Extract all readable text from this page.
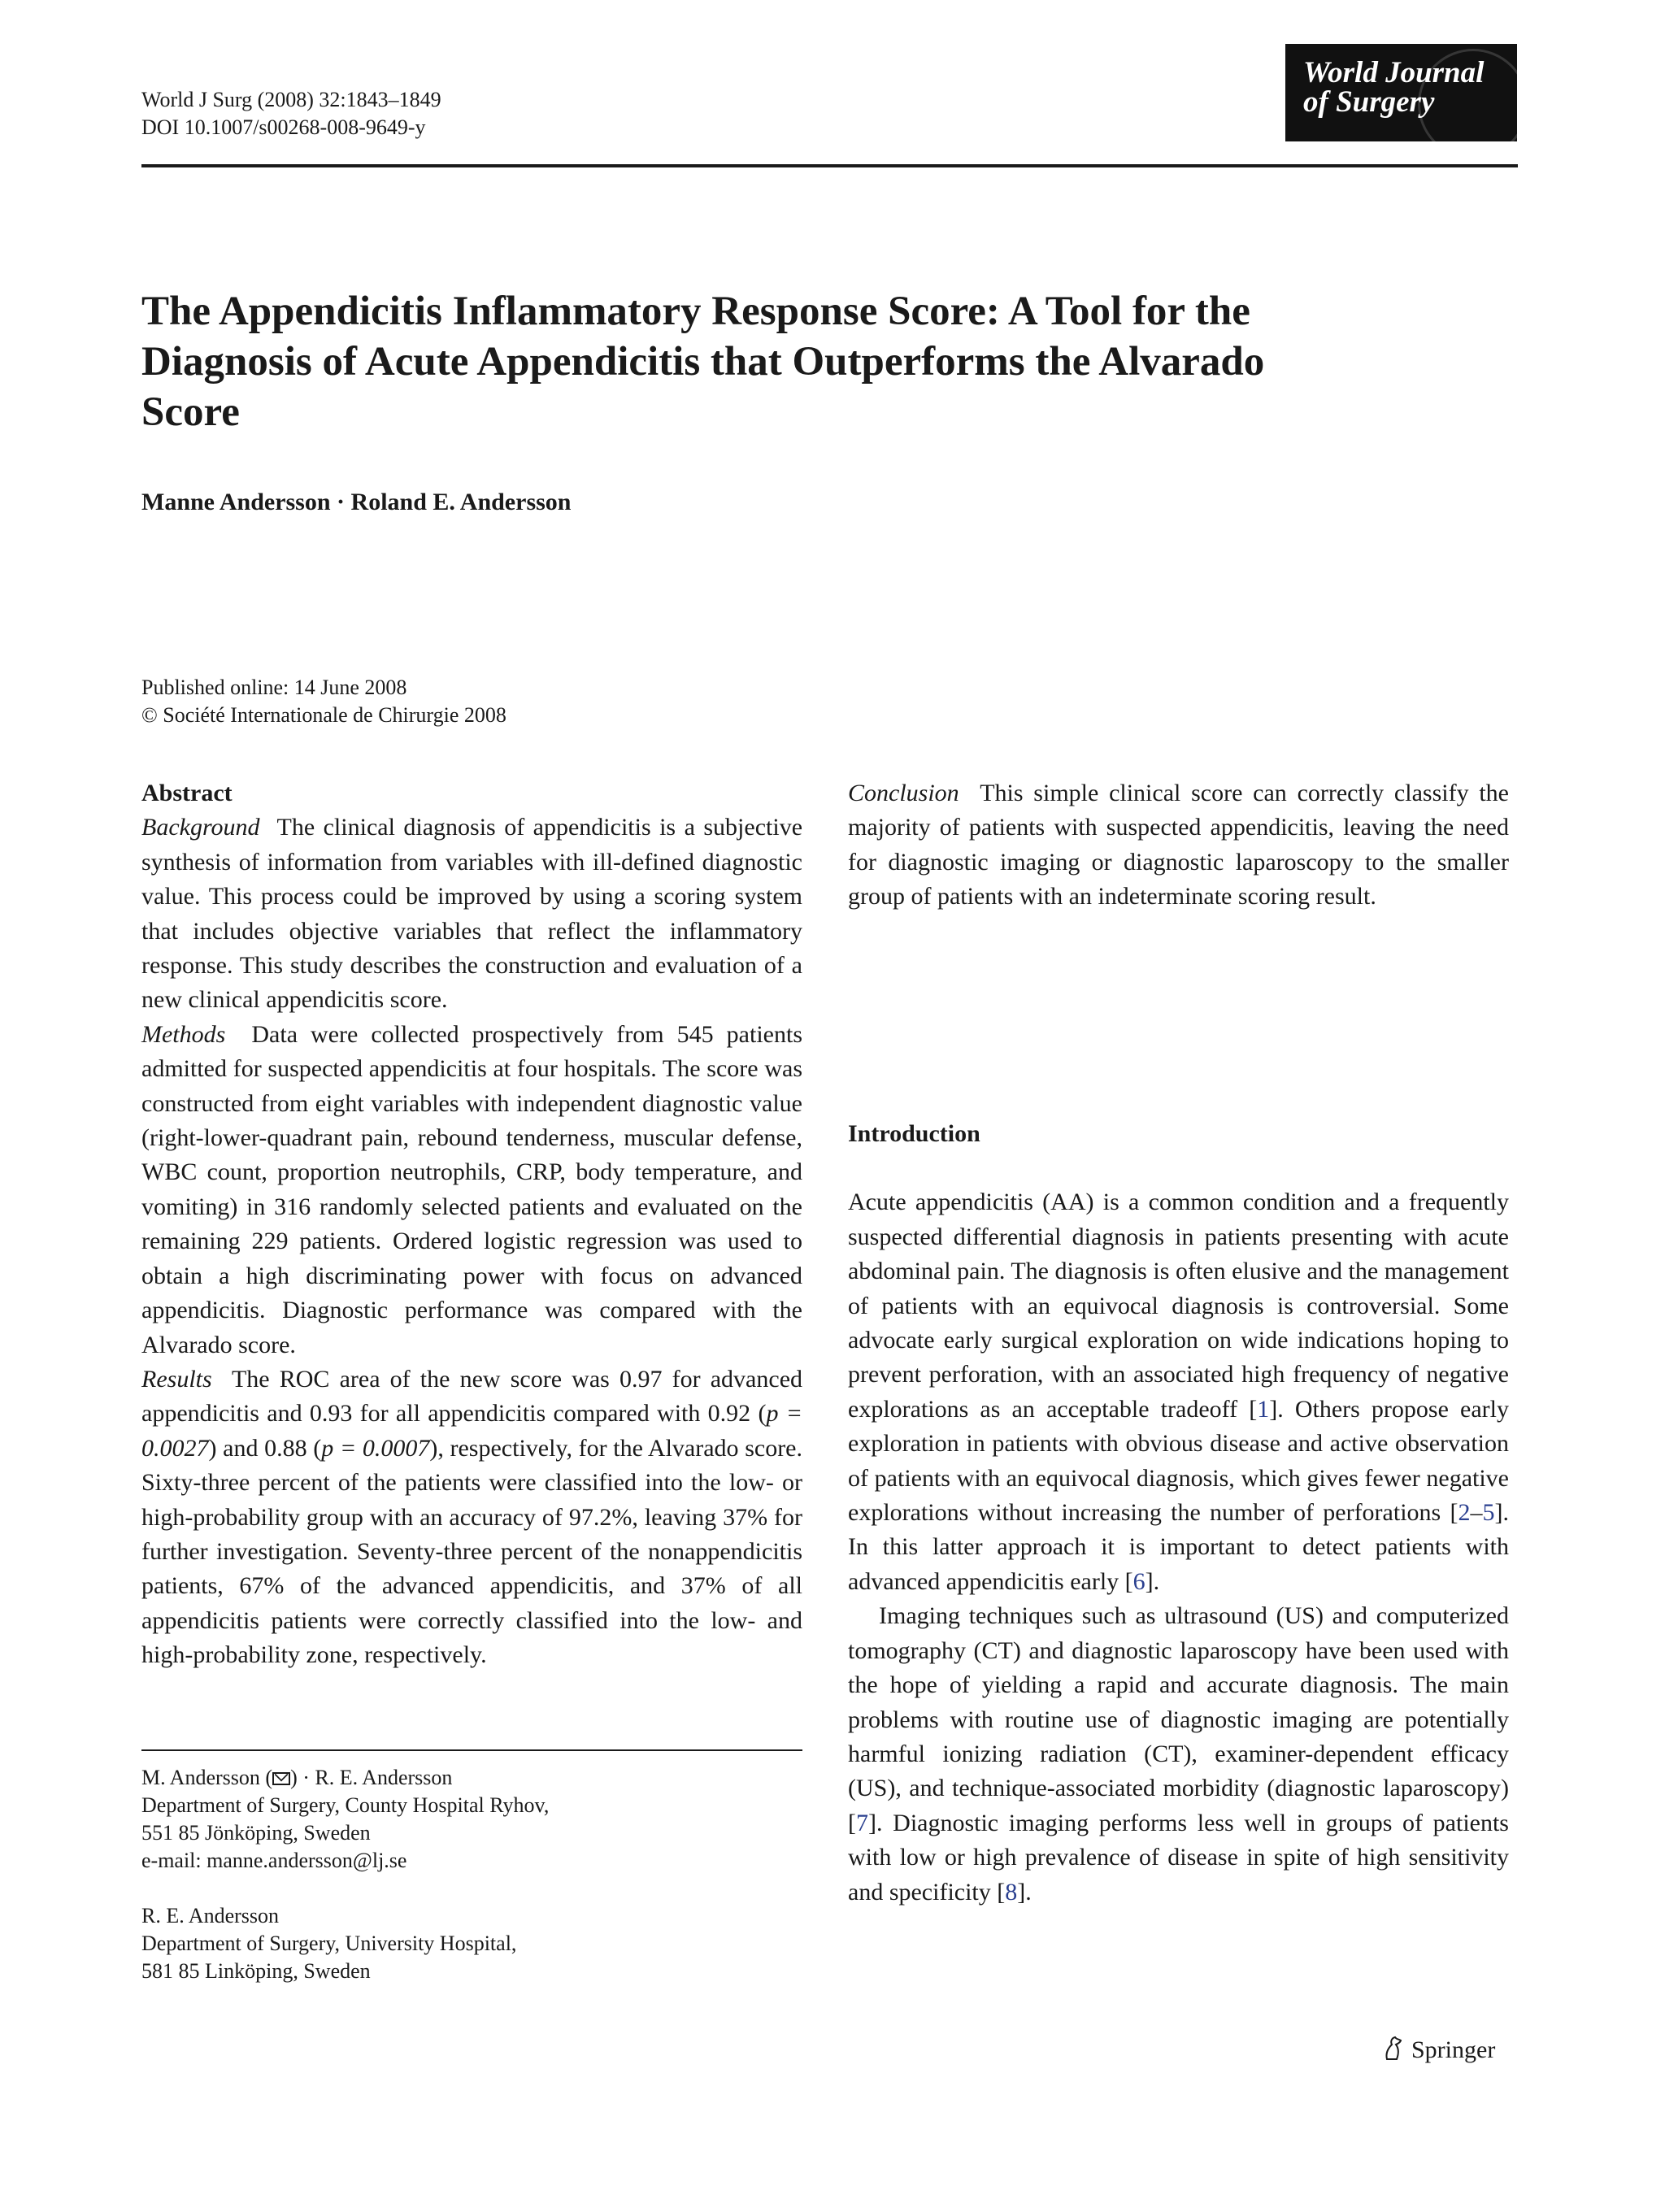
World J Surg (2008) 32:1843–1849
DOI 10.1007/s00268-008-9649-y
World Journal
of Surgery
The Appendicitis Inflammatory Response Score: A Tool for the
Diagnosis of Acute Appendicitis that Outperforms the Alvarado
Score
Manne Andersson · Roland E. Andersson
Published online: 14 June 2008
© Société Internationale de Chirurgie 2008

Abstract

Background The clinical diagnosis of appendicitis is a subjective synthesis of information from variables with ill-defined diagnostic value. This process could be improved by using a scoring system that includes objective variables that reflect the inflammatory response. This study describes the construction and evaluation of a new clinical appendicitis score.

Methods Data were collected prospectively from 545 patients admitted for suspected appendicitis at four hospitals. The score was constructed from eight variables with independent diagnostic value (right-lower-quadrant pain, rebound tenderness, muscular defense, WBC count, proportion neutrophils, CRP, body temperature, and vomiting) in 316 randomly selected patients and evaluated on the remaining 229 patients. Ordered logistic regression was used to obtain a high discriminating power with focus on advanced appendicitis. Diagnostic performance was compared with the Alvarado score.

Results The ROC area of the new score was 0.97 for advanced appendicitis and 0.93 for all appendicitis compared with 0.92 (p = 0.0027) and 0.88 (p = 0.0007), respectively, for the Alvarado score. Sixty-three percent of the patients were classified into the low- or high-probability group with an accuracy of 97.2%, leaving 37% for further investigation. Seventy-three percent of the nonappendicitis patients, 67% of the advanced appendicitis, and 37% of all appendicitis patients were correctly classified into the low- and high-probability zone, respectively.

Conclusion This simple clinical score can correctly classify the majority of patients with suspected appendicitis, leaving the need for diagnostic imaging or diagnostic laparoscopy to the smaller group of patients with an indeterminate scoring result.

Introduction

Acute appendicitis (AA) is a common condition and a frequently suspected differential diagnosis in patients presenting with acute abdominal pain. The diagnosis is often elusive and the management of patients with an equivocal diagnosis is controversial. Some advocate early surgical exploration on wide indications hoping to prevent perforation, with an associated high frequency of negative explorations as an acceptable tradeoff [1]. Others propose early exploration in patients with obvious disease and active observation of patients with an equivocal diagnosis, which gives fewer negative explorations without increasing the number of perforations [2–5]. In this latter approach it is important to detect patients with advanced appendicitis early [6].

Imaging techniques such as ultrasound (US) and computerized tomography (CT) and diagnostic laparoscopy have been used with the hope of yielding a rapid and accurate diagnosis. The main problems with routine use of diagnostic imaging are potentially harmful ionizing radiation (CT), examiner-dependent efficacy (US), and technique-associated morbidity (diagnostic laparoscopy) [7]. Diagnostic imaging performs less well in groups of patients with low or high prevalence of disease in spite of high sensitivity and specificity [8].

M. Andersson ( ) · R. E. Andersson
Department of Surgery, County Hospital Ryhov,
551 85 Jönköping, Sweden
e-mail: manne.andersson@lj.se
R. E. Andersson
Department of Surgery, University Hospital,
581 85 Linköping, Sweden
Springer
